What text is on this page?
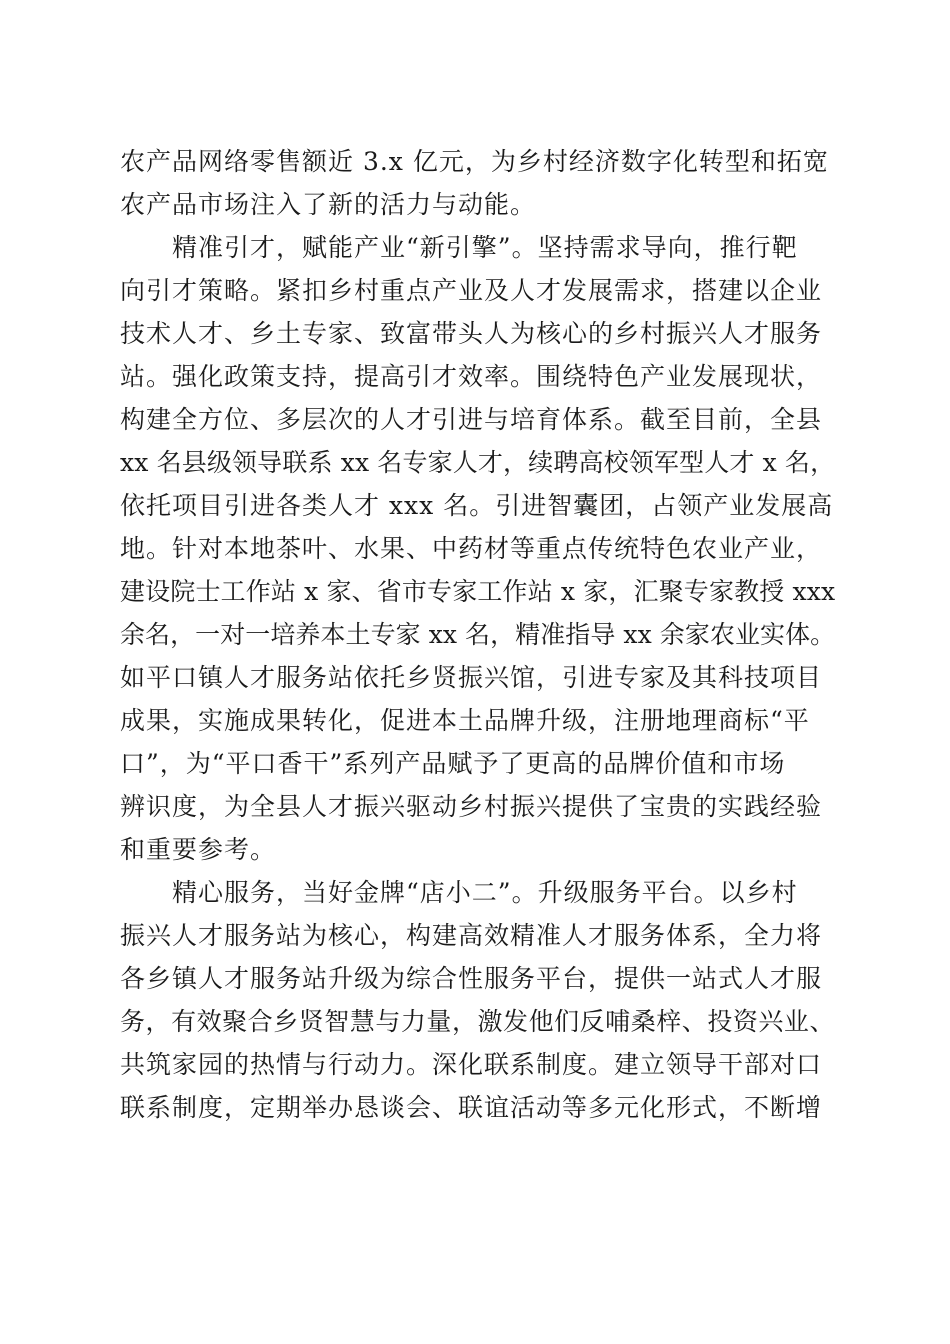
农产品网络零售额近 3.x 亿元，为乡村经济数字化转型和拓宽
农产品市场注入了新的活力与动能。
精准引才，赋能产业“新引擎”。坚持需求导向，推行靶
向引才策略。紧扣乡村重点产业及人才发展需求，搭建以企业
技术人才、乡土专家、致富带头人为核心的乡村振兴人才服务
站。强化政策支持，提高引才效率。围绕特色产业发展现状，
构建全方位、多层次的人才引进与培育体系。截至目前，全县
xx 名县级领导联系 xx 名专家人才，续聘高校领军型人才 x 名，
依托项目引进各类人才 xxx 名。引进智囊团，占领产业发展高
地。针对本地茶叶、水果、中药材等重点传统特色农业产业，
建设院士工作站 x 家、省市专家工作站 x 家，汇聚专家教授 xxx
余名，一对一培养本土专家 xx 名，精准指导 xx 余家农业实体。
如平口镇人才服务站依托乡贤振兴馆，引进专家及其科技项目
成果，实施成果转化，促进本土品牌升级，注册地理商标“平
口”，为“平口香干”系列产品赋予了更高的品牌价值和市场
辨识度，为全县人才振兴驱动乡村振兴提供了宝贵的实践经验
和重要参考。
精心服务，当好金牌“店小二”。升级服务平台。以乡村
振兴人才服务站为核心，构建高效精准人才服务体系，全力将
各乡镇人才服务站升级为综合性服务平台，提供一站式人才服
务，有效聚合乡贤智慧与力量，激发他们反哺桑梓、投资兴业、
共筑家园的热情与行动力。深化联系制度。建立领导干部对口
联系制度，定期举办恳谈会、联谊活动等多元化形式，不断增
